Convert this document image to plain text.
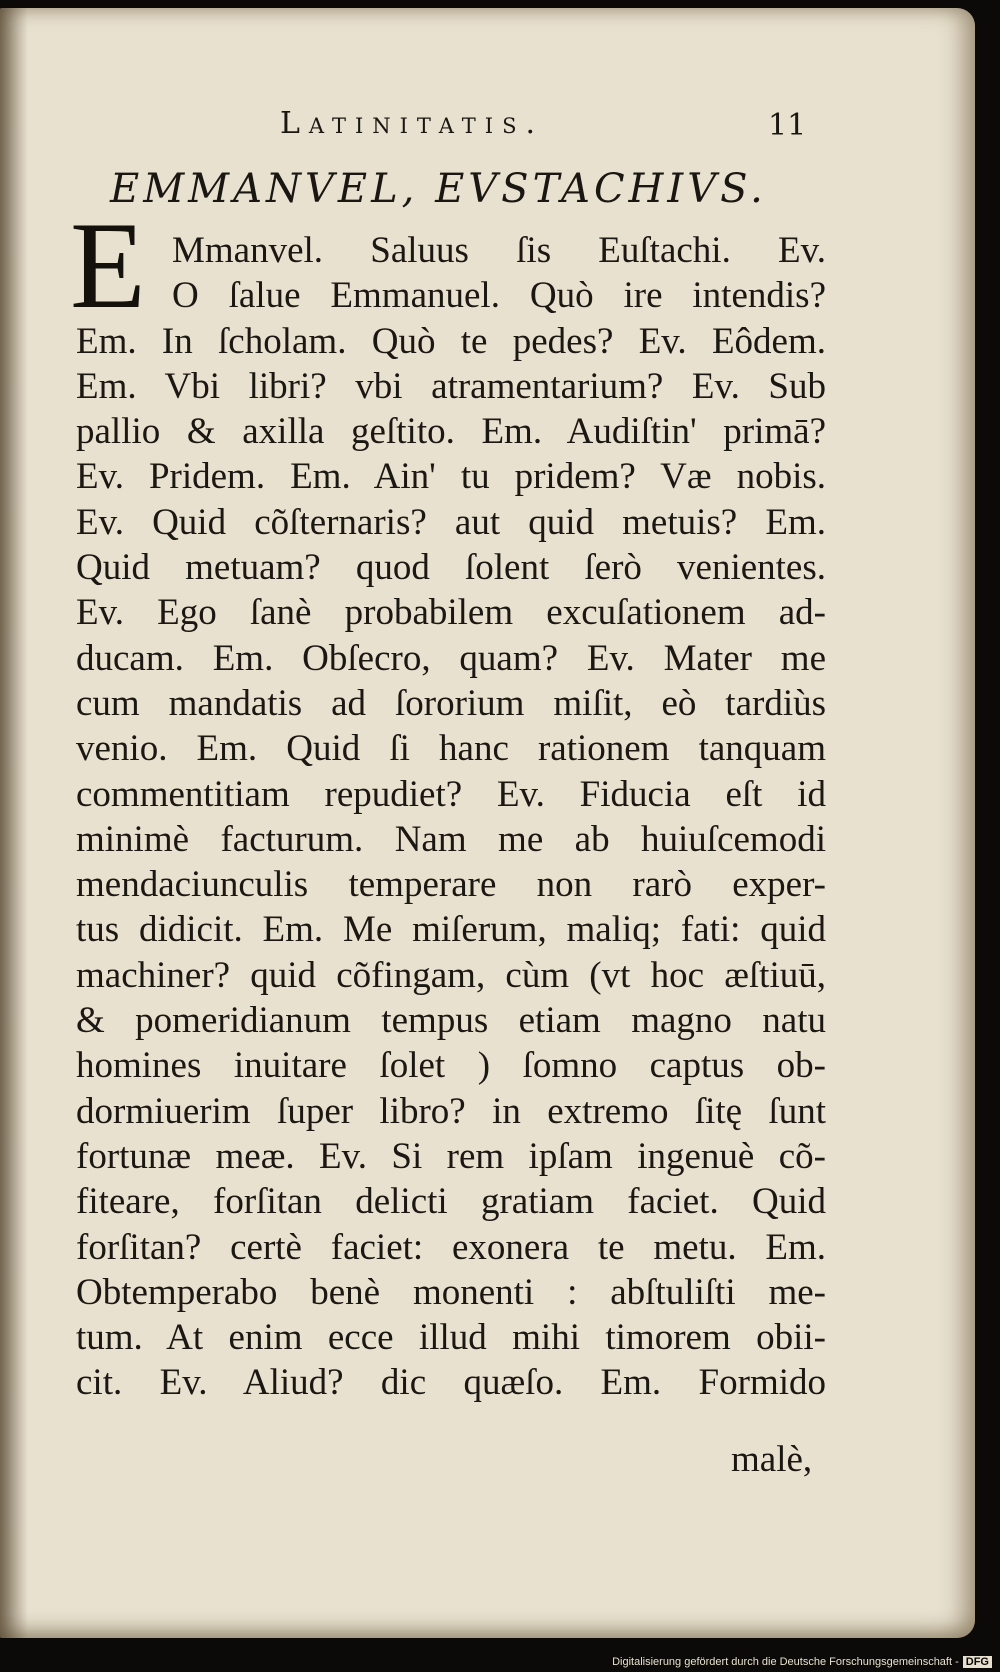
Latinitatis.	11
EMMANVEL, EVSTACHIVS.
E Mmanvel. Saluus ſis Euſtachi. Ev.
O ſalue Emmanuel. Quò ire intendis?
Em. In ſcholam. Quò te pedes? Ev. Eôdem.
Em. Vbi libri? vbi atramentarium? Ev. Sub
pallio & axilla geſtito. Em. Audiſtin' primā?
Ev. Pridem. Em. Ain' tu pridem? Væ nobis.
Ev. Quid cõſternaris? aut quid metuis? Em.
Quid metuam? quod ſolent ſerò venientes.
Ev. Ego ſanè probabilem excuſationem ad-
ducam. Em. Obſecro, quam? Ev. Mater me
cum mandatis ad ſororium miſit, eò tardiùs
venio. Em. Quid ſi hanc rationem tanquam
commentitiam repudiet? Ev. Fiducia eſt id
minimè facturum. Nam me ab huiuſcemodi
mendaciunculis temperare non rarò exper-
tus didicit. Em. Me miſerum, maliq; fati: quid
machiner? quid cõfingam, cùm (vt hoc æſtiuū,
& pomeridianum tempus etiam magno natu
homines inuitare ſolet ) ſomno captus ob-
dormiuerim ſuper libro? in extremo ſitę ſunt
fortunæ meæ. Ev. Si rem ipſam ingenuè cõ-
fiteare, forſitan delicti gratiam faciet. Quid
forſitan? certè faciet: exonera te metu. Em.
Obtemperabo benè monenti : abſtuliſti me-
tum. At enim ecce illud mihi timorem obii-
cit. Ev. Aliud? dic quæſo. Em. Formido
malè,
Digitalisierung gefördert durch die Deutsche Forschungsgemeinschaft - DFG
